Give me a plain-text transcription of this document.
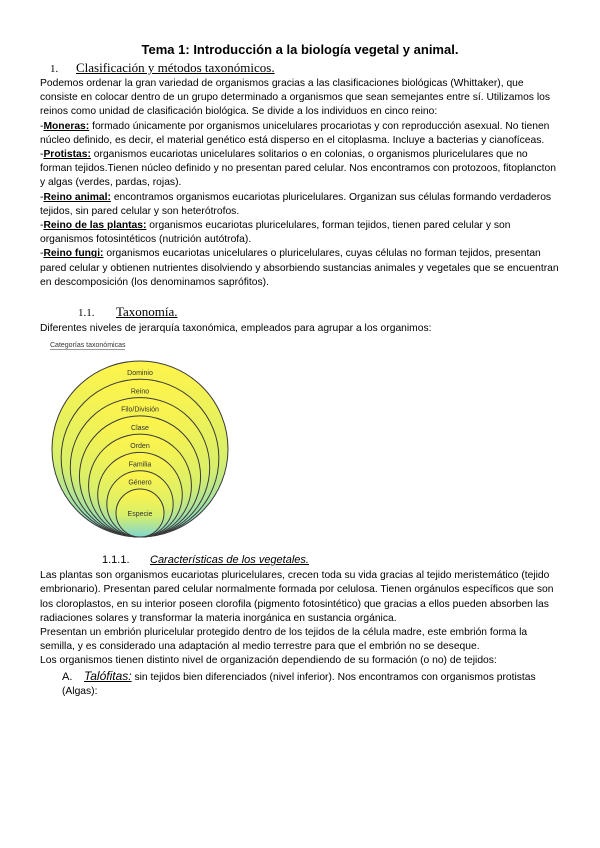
Tema 1: Introducción a la biología vegetal y animal.
1. Clasificación y métodos taxonómicos.

Podemos ordenar la gran variedad de organismos gracias a las clasificaciones biológicas (Whittaker), que consiste en colocar dentro de un grupo determinado a organismos que sean semejantes entre sí. Utilizamos los reinos como unidad de clasificación biológica. Se divide a los individuos en cinco reino:

-Moneras: formado únicamente por organismos unicelulares procariotas y con reproducción asexual. No tienen núcleo definido, es decir, el material genético está disperso en el citoplasma. Incluye a bacterias y cianofíceas.

-Protistas: organismos eucariotas unicelulares solitarios o en colonias, o organismos pluricelulares que no forman tejidos.Tienen núcleo definido y no presentan pared celular. Nos encontramos con protozoos, fitoplancton y algas (verdes, pardas, rojas).

-Reino animal: encontramos organismos eucariotas pluricelulares. Organizan sus células formando verdaderos tejidos, sin pared celular y son heterótrofos.

-Reino de las plantas: organismos eucariotas pluricelulares, forman tejidos, tienen pared celular y son organismos fotosintéticos (nutrición autótrofa).

-Reino fungi: organismos eucariotas unicelulares o pluricelulares, cuyas células no forman tejidos, presentan pared celular y obtienen nutrientes disolviendo y absorbiendo sustancias animales y vegetales que se encuentran en descomposición (los denominamos saprófitos).

1.1. Taxonomía.

Diferentes niveles de jerarquía taxonómica, empleados para agrupar a los organimos:

Categorías taxonómicas
Dominio
Reino
Filo/División
Clase
Orden
Familia
Género
Especie
1.1.1. Características de los vegetales.

Las plantas son organismos eucariotas pluricelulares, crecen toda su vida gracias al tejido meristemático (tejido embrionario). Presentan pared celular normalmente formada por celulosa. Tienen orgánulos específicos que son los cloroplastos, en su interior poseen clorofila (pigmento fotosintético) que gracias a ellos pueden absorben las radiaciones solares y transformar la materia inorgánica en sustancia orgánica.

Presentan un embrión pluricelular protegido dentro de los tejidos de la célula madre, este embrión forma la semilla, y es considerado una adaptación al medio terrestre para que el embrión no se deseque.

Los organismos tienen distinto nivel de organización dependiendo de su formación (o no) de tejidos:

A. Talófitas: sin tejidos bien diferenciados (nivel inferior). Nos encontramos con organismos protistas (Algas):
